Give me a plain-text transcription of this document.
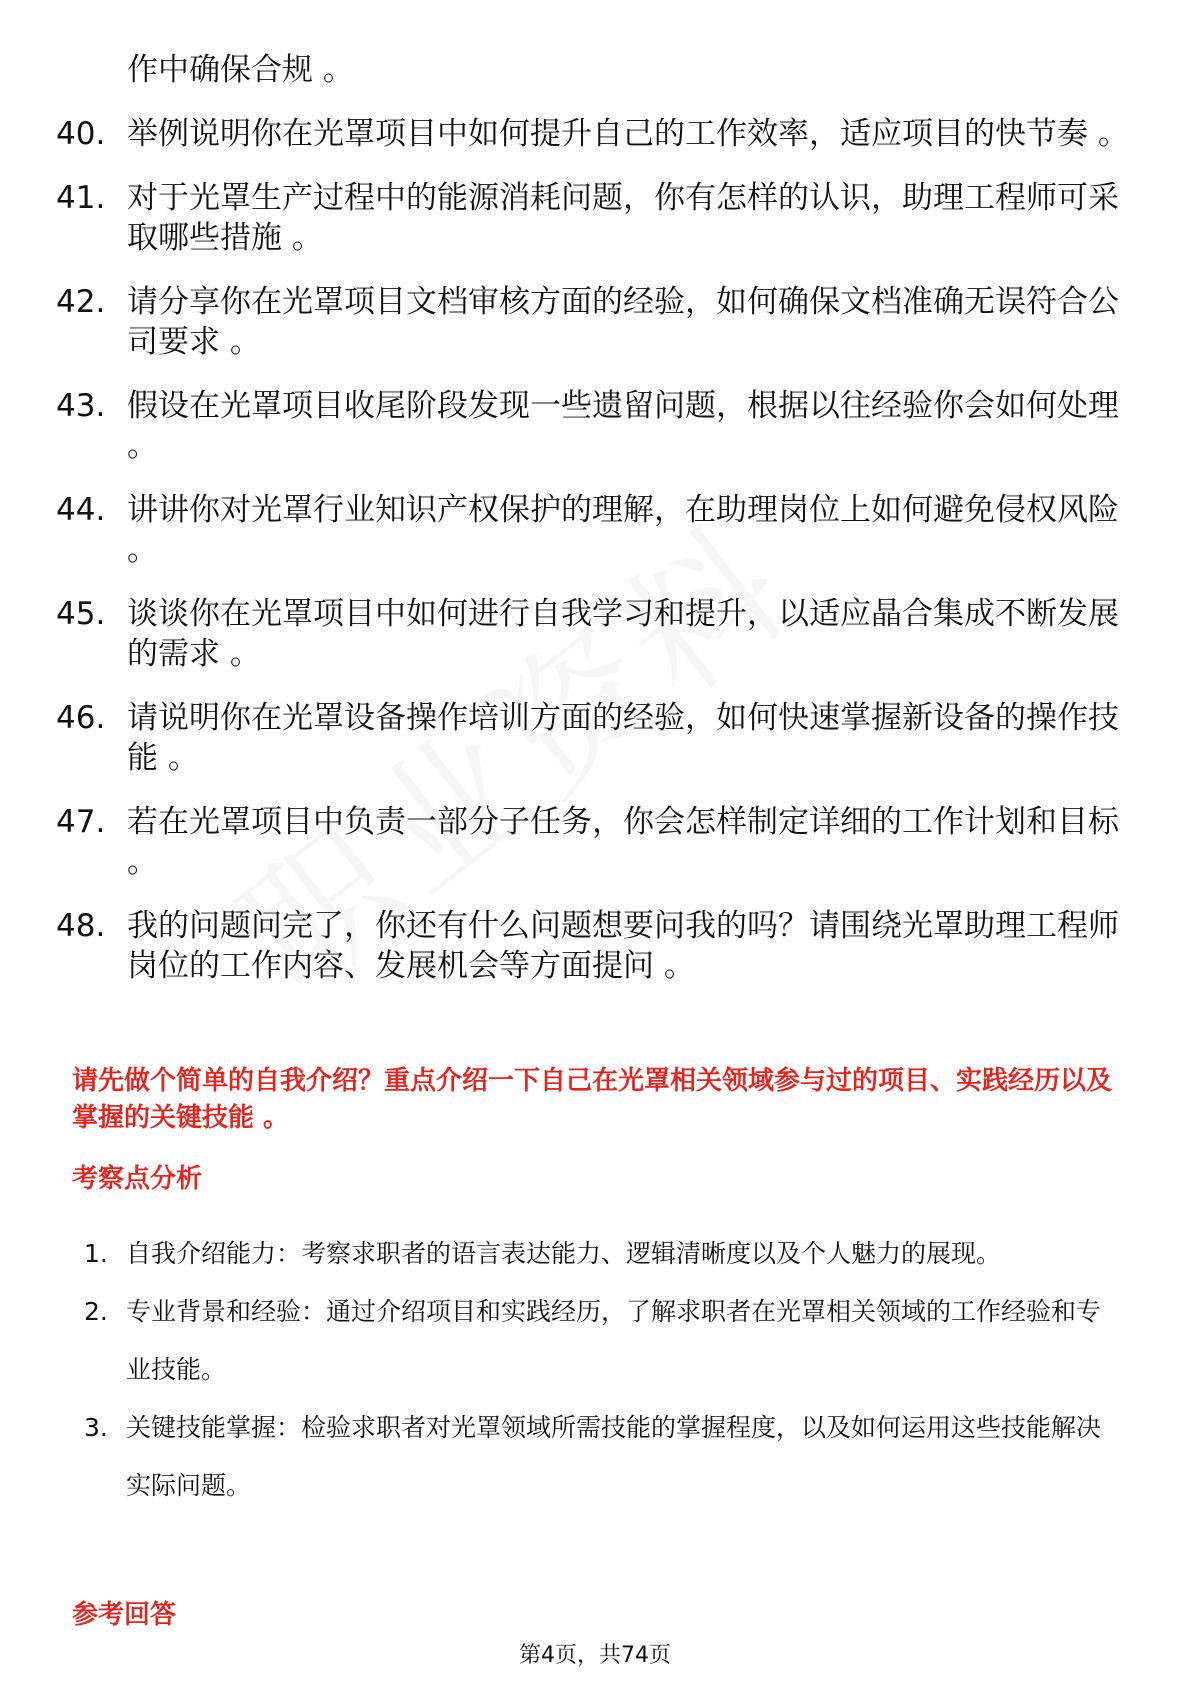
作中确保合规 。
40. 举例说明你在光罩项目中如何提升自己的工作效率，适应项目的快节奏 。
41. 对于光罩生产过程中的能源消耗问题，你有怎样的认识，助理工程师可采取哪些措施 。
42. 请分享你在光罩项目文档审核方面的经验，如何确保文档准确无误符合公司要求 。
43. 假设在光罩项目收尾阶段发现一些遗留问题，根据以往经验你会如何处理 。
44. 讲讲你对光罩行业知识产权保护的理解，在助理岗位上如何避免侵权风险 。
45. 谈谈你在光罩项目中如何进行自我学习和提升，以适应晶合集成不断发展的需求 。
46. 请说明你在光罩设备操作培训方面的经验，如何快速掌握新设备的操作技能 。
47. 若在光罩项目中负责一部分子任务，你会怎样制定详细的工作计划和目标 。
48. 我的问题问完了，你还有什么问题想要问我的吗？请围绕光罩助理工程师岗位的工作内容、发展机会等方面提问 。
请先做个简单的自我介绍？重点介绍一下自己在光罩相关领域参与过的项目、实践经历以及掌握的关键技能 。
考察点分析
1. 自我介绍能力：考察求职者的语言表达能力、逻辑清晰度以及个人魅力的展现。
2. 专业背景和经验：通过介绍项目和实践经历，了解求职者在光罩相关领域的工作经验和专业技能。
3. 关键技能掌握：检验求职者对光罩领域所需技能的掌握程度，以及如何运用这些技能解决实际问题。
参考回答
第4页，共74页
